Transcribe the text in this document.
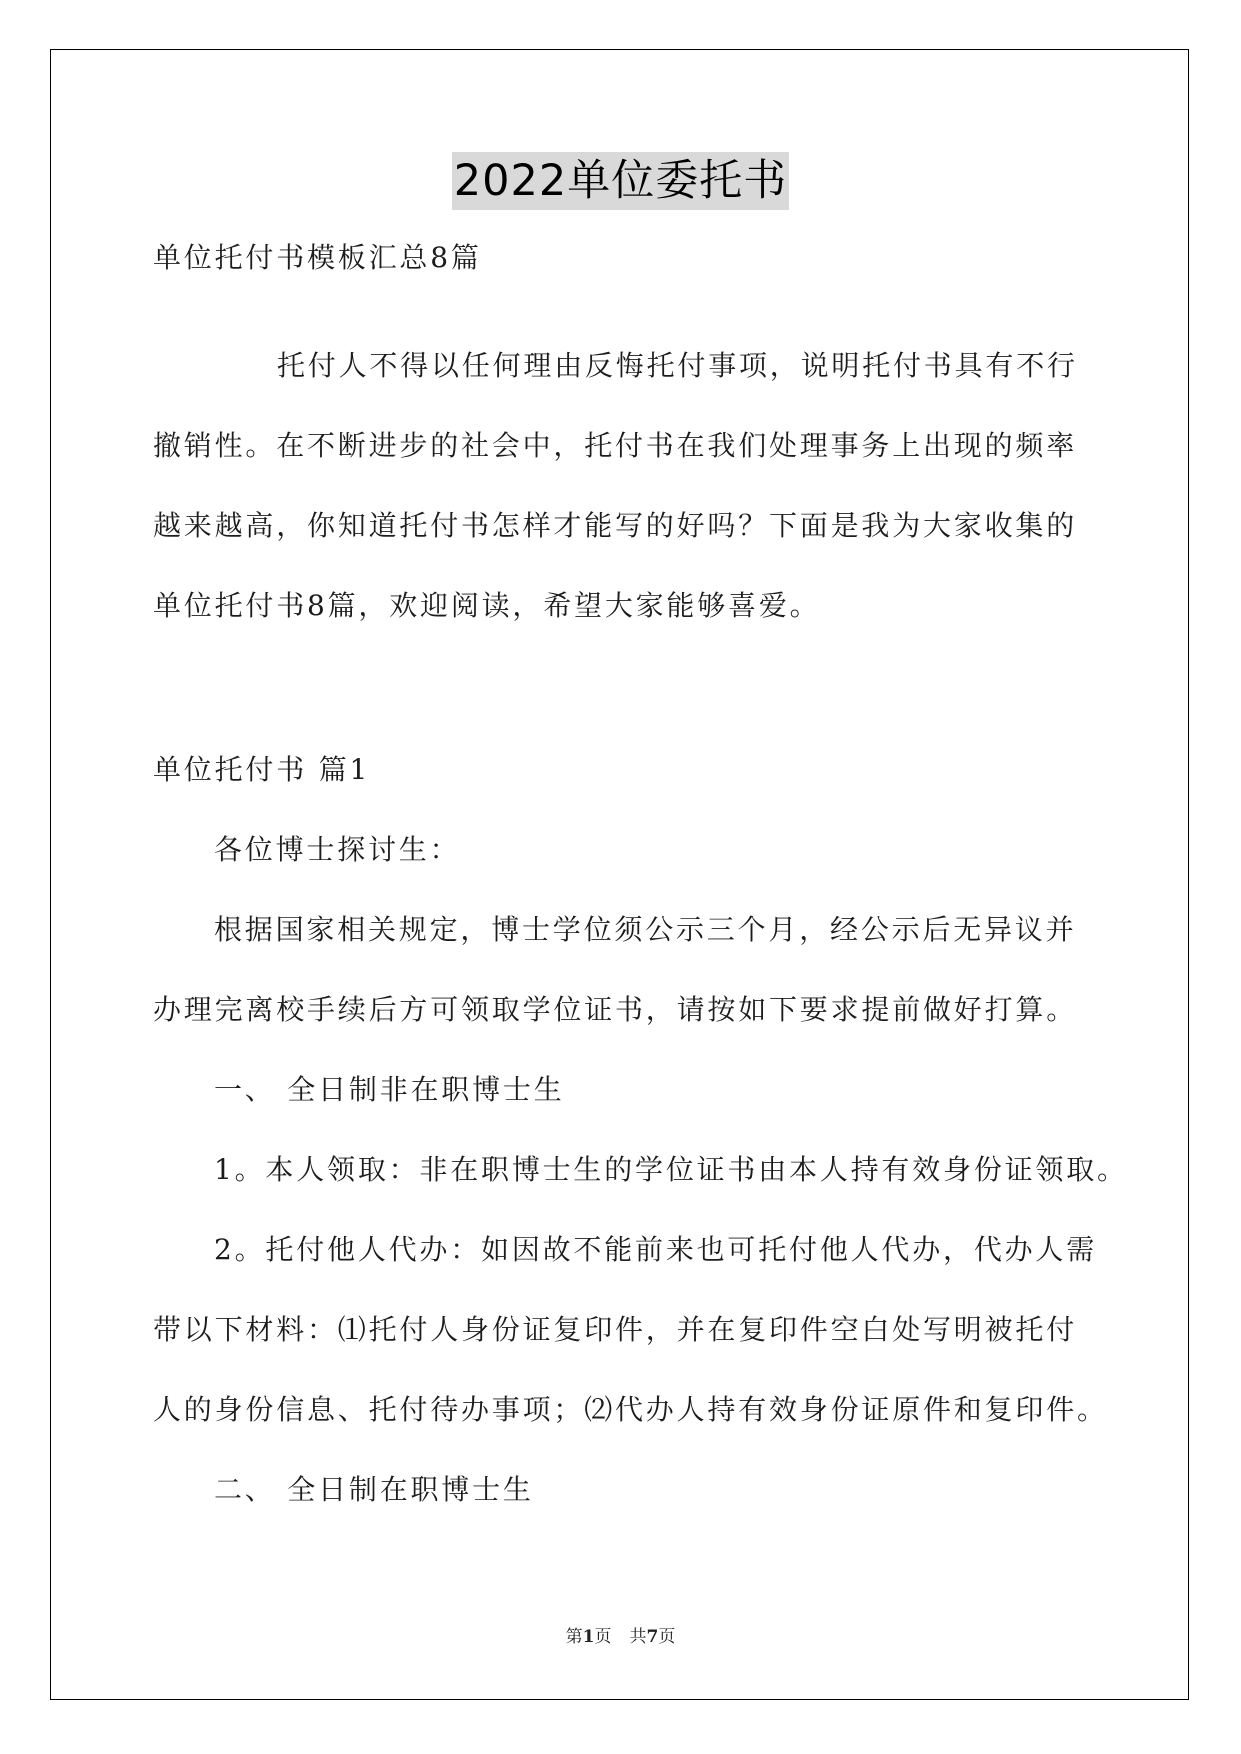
2022单位委托书
单位托付书模板汇总8篇
托付人不得以任何理由反悔托付事项，说明托付书具有不行
撤销性。在不断进步的社会中，托付书在我们处理事务上出现的频率
越来越高，你知道托付书怎样才能写的好吗？下面是我为大家收集的
单位托付书8篇，欢迎阅读，希望大家能够喜爱。
单位托付书 篇1
各位博士探讨生：
根据国家相关规定，博士学位须公示三个月，经公示后无异议并
办理完离校手续后方可领取学位证书，请按如下要求提前做好打算。
一、 全日制非在职博士生
1。本人领取：非在职博士生的学位证书由本人持有效身份证领取。
2。托付他人代办：如因故不能前来也可托付他人代办，代办人需
带以下材料：⑴托付人身份证复印件，并在复印件空白处写明被托付
人的身份信息、托付待办事项；⑵代办人持有效身份证原件和复印件。
二、 全日制在职博士生
第1页 共7页
